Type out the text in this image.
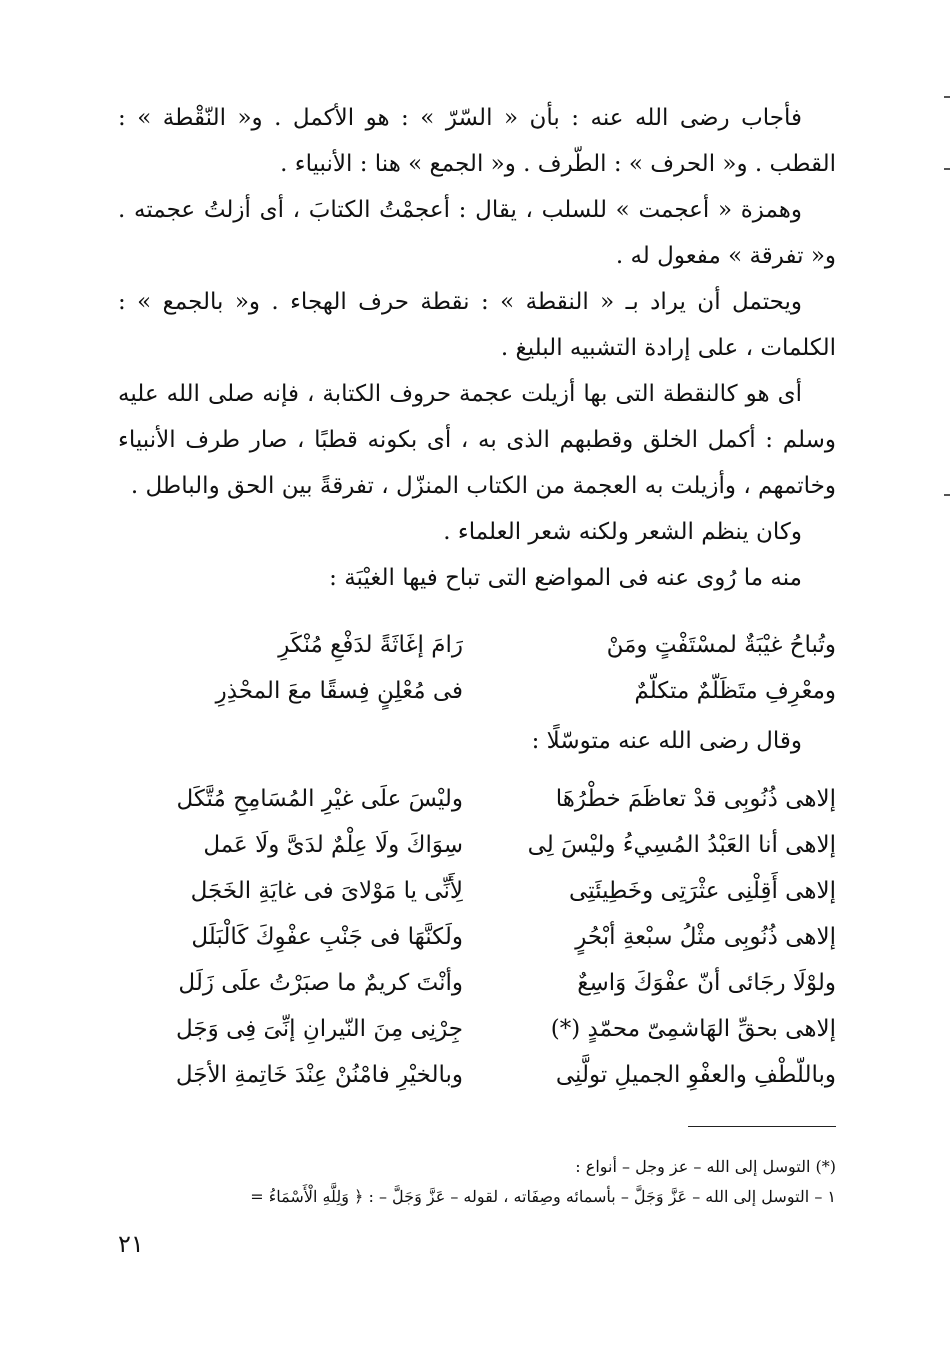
فأجاب رضى الله عنه : بأن « السّرّ » : هو الأكمل . و« النّقْطة » : القطب . و« الحرف » : الطّرف . و« الجمع » هنا : الأنبياء .

وهمزة « أعجمت » للسلب ، يقال : أعجمْتُ الكتابَ ، أى أزلتُ عجمته . و« تفرقة » مفعول له .

ويحتمل أن يراد بـ « النقطة » : نقطة حرف الهجاء . و« بالجمع » : الكلمات ، على إرادة التشبيه البليغ .

أى هو كالنقطة التى بها أزيلت عجمة حروف الكتابة ، فإنه صلى الله عليه وسلم : أكمل الخلق وقطبهم الذى به ، أى بكونه قطبًا ، صار طرف الأنبياء وخاتمهم ، وأزيلت به العجمة من الكتاب المنزّل ، تفرقةً بين الحق والباطل .

وكان ينظم الشعر ولكنه شعر العلماء .

منه ما رُوى عنه فى المواضع التى تباح فيها الغيْبَة :

وتُباحُ غيْبَةٌ لمسْتَفْتٍ ومَنْ
رَامَ إغَاثَةً لدَفْعِ مُنْكَرِ
ومعْرِفِ متَظَلّمٌ متكلّمٌ
فى مُعْلِنٍ فِسقًا معَ المحْذِرِ
وقال رضى الله عنه متوسّلًا :
إلاهى ذُنُوبِى قدْ تعاظَمَ خطْرُهَا
وليْسَ علَى غيْرِ المُسَامِحِ مُتَّكَل
إلاهى أنا العَبْدُ المُسِيءُ وليْسَ لِى
سِوَاكَ ولَا عِلْمٌ لدَىَّ ولَا عَمل
إلاهى أَقِلْنِى عثْرَتِى وخَطِيئَتِى
لِأَنِّى يا مَوْلاىَ فى غايَةِ الخَجَل
إلاهى ذُنُوبِى مثْلُ سبْعةِ أبْحُرٍ
ولَكنَّهَا فى جَنْبِ عفْوِكَ كَالْبَلَل
ولوْلَا رجَائى أنّ عفْوَكَ وَاسِعٌ
وأنْتَ كريمٌ ما صبَرْتُ علَى زَلَل
إلاهى بحقِّ الهَاشمِىّ محمّدٍ (*)
جِرْنِى مِنَ النّيرانِ إنِّىَ فِى وَجَل
وباللّطْفِ والعفْوِ الجميلِ تولَّنِى
وبالخيْرِ فامْنُنْ عِنْدَ خَاتِمةِ الأجَل
(*) التوسل إلى الله – عز وجل – أنواع :
١ – التوسل إلى الله – عَزَّ وَجَلَّ – بأسمائه وصِفَاته ، لقوله – عَزَّ وَجَلَّ – : ﴿ وَلِلَّهِ الْأَسْمَاءُ =
٢١
